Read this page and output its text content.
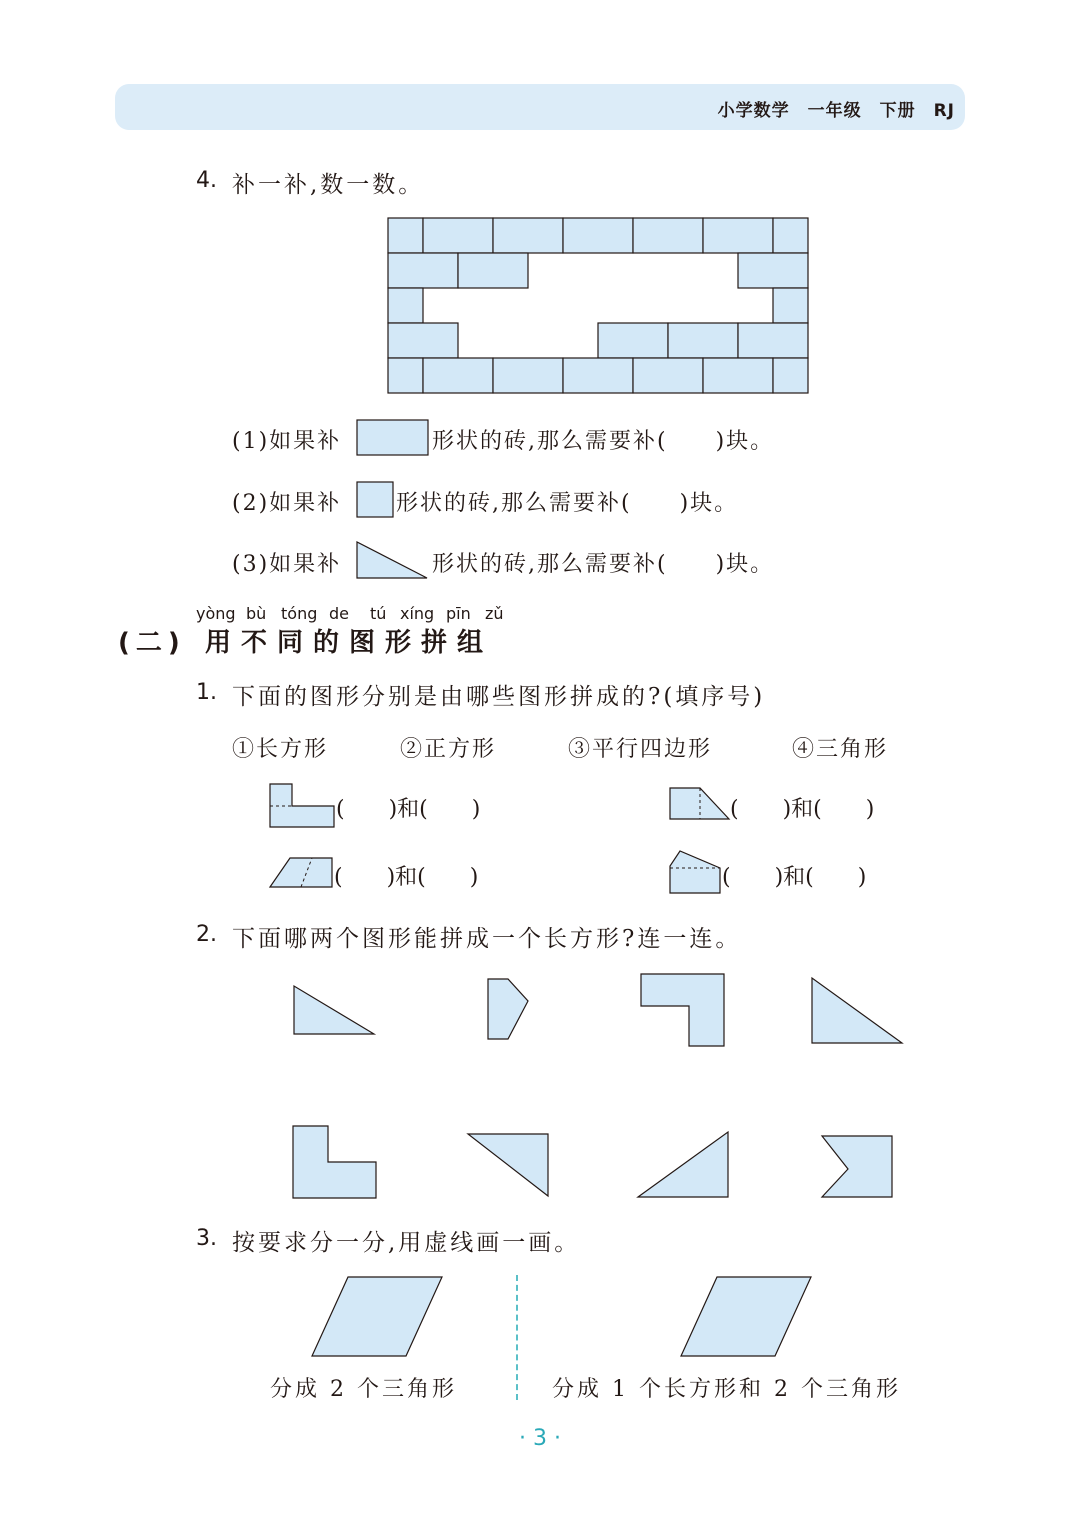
小学数学　一年级　下册　RJ
4. 补一补,数一数。
(1)如果补	形状的砖,那么需要补(　　)块。
(2)如果补 形状的砖,那么需要补(　　)块。
(3)如果补	形状的砖,那么需要补(　　)块。
yòng bù tóng de tú xíng pīn zǔ
(二) 用不同的图形拼组
1. 下面的图形分别是由哪些图形拼成的?(填序号)
①长方形	②正方形	③平行四边形	④三角形
(　　)和(　　)	(　　)和(　　)
(　　)和(　　)	(　　)和(　　)
2. 下面哪两个图形能拼成一个长方形?连一连。
3. 按要求分一分,用虚线画一画。
分成 2 个三角形	分成 1 个长方形和 2 个三角形
· 3 ·
